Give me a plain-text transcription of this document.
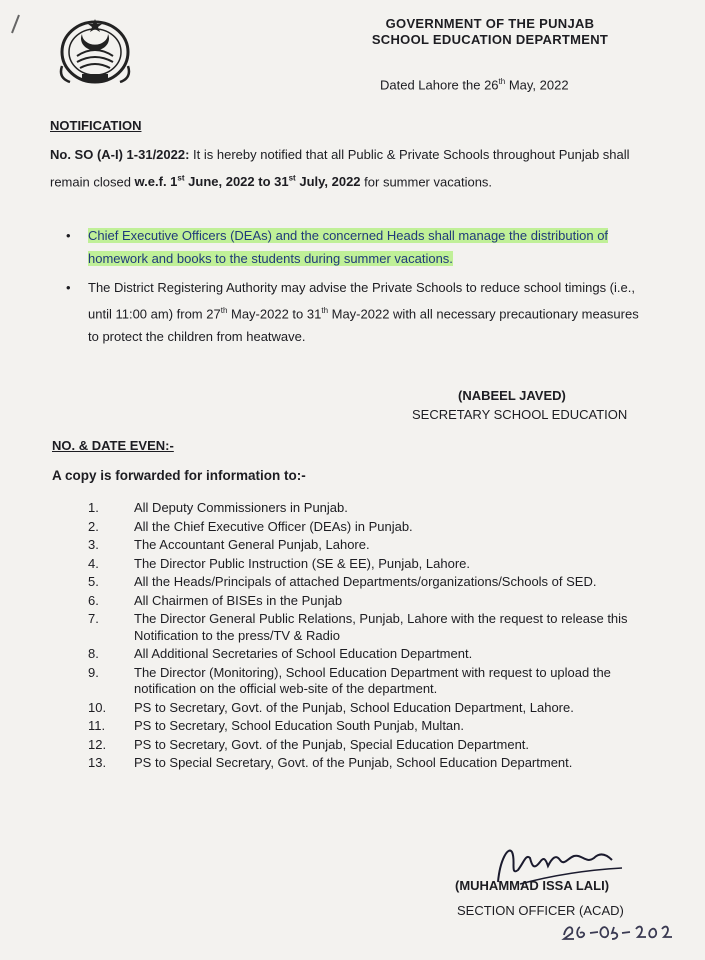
GOVERNMENT OF THE PUNJAB
SCHOOL EDUCATION DEPARTMENT
Dated Lahore the 26th May, 2022
NOTIFICATION
No. SO (A-I) 1-31/2022: It is hereby notified that all Public & Private Schools throughout Punjab shall remain closed w.e.f. 1st June, 2022 to 31st July, 2022 for summer vacations.
• Chief Executive Officers (DEAs) and the concerned Heads shall manage the distribution of homework and books to the students during summer vacations.
• The District Registering Authority may advise the Private Schools to reduce school timings (i.e., until 11:00 am) from 27th May-2022 to 31th May-2022 with all necessary precautionary measures to protect the children from heatwave.
(NABEEL JAVED)
SECRETARY SCHOOL EDUCATION
NO. & DATE EVEN:-
A copy is forwarded for information to:-
1.	All Deputy Commissioners in Punjab.
2.	All the Chief Executive Officer (DEAs) in Punjab.
3.	The Accountant General Punjab, Lahore.
4.	The Director Public Instruction (SE & EE), Punjab, Lahore.
5.	All the Heads/Principals of attached Departments/organizations/Schools of SED.
6.	All Chairmen of BISEs in the Punjab
7.	The Director General Public Relations, Punjab, Lahore with the request to release this Notification to the press/TV & Radio
8.	All Additional Secretaries of School Education Department.
9.	The Director (Monitoring), School Education Department with request to upload the notification on the official web-site of the department.
10.	PS to Secretary, Govt. of the Punjab, School Education Department, Lahore.
11.	PS to Secretary, School Education South Punjab, Multan.
12.	PS to Secretary, Govt. of the Punjab, Special Education Department.
13.	PS to Special Secretary, Govt. of the Punjab, School Education Department.
(MUHAMMAD ISSA LALI)
SECTION OFFICER (ACAD)
